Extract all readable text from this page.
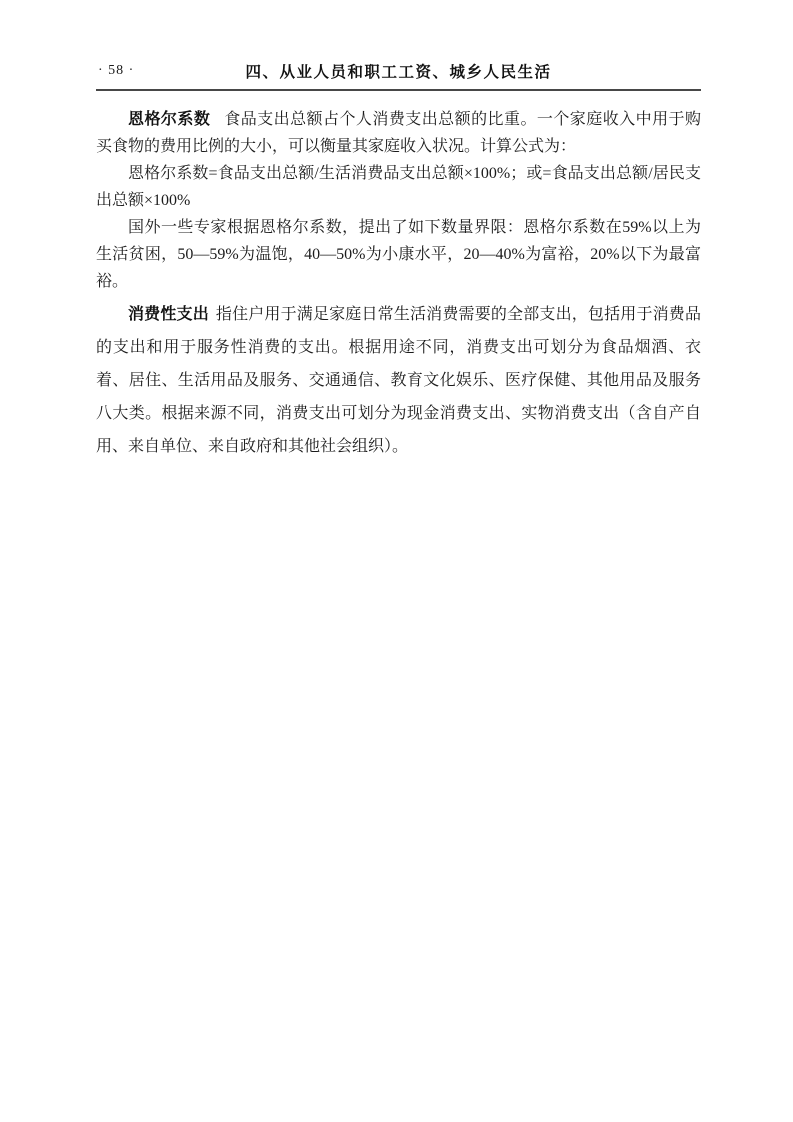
· 58 ·	四、从业人员和职工工资、城乡人民生活

恩格尔系数 食品支出总额占个人消费支出总额的比重。一个家庭收入中用于购买食物的费用比例的大小，可以衡量其家庭收入状况。计算公式为：

恩格尔系数=食品支出总额/生活消费品支出总额×100%；或=食品支出总额/居民支出总额×100%

国外一些专家根据恩格尔系数，提出了如下数量界限：恩格尔系数在59%以上为生活贫困，50—59%为温饱，40—50%为小康水平，20—40%为富裕，20%以下为最富裕。

消费性支出 指住户用于满足家庭日常生活消费需要的全部支出，包括用于消费品的支出和用于服务性消费的支出。根据用途不同，消费支出可划分为食品烟酒、衣着、居住、生活用品及服务、交通通信、教育文化娱乐、医疗保健、其他用品及服务八大类。根据来源不同，消费支出可划分为现金消费支出、实物消费支出（含自产自用、来自单位、来自政府和其他社会组织）。
